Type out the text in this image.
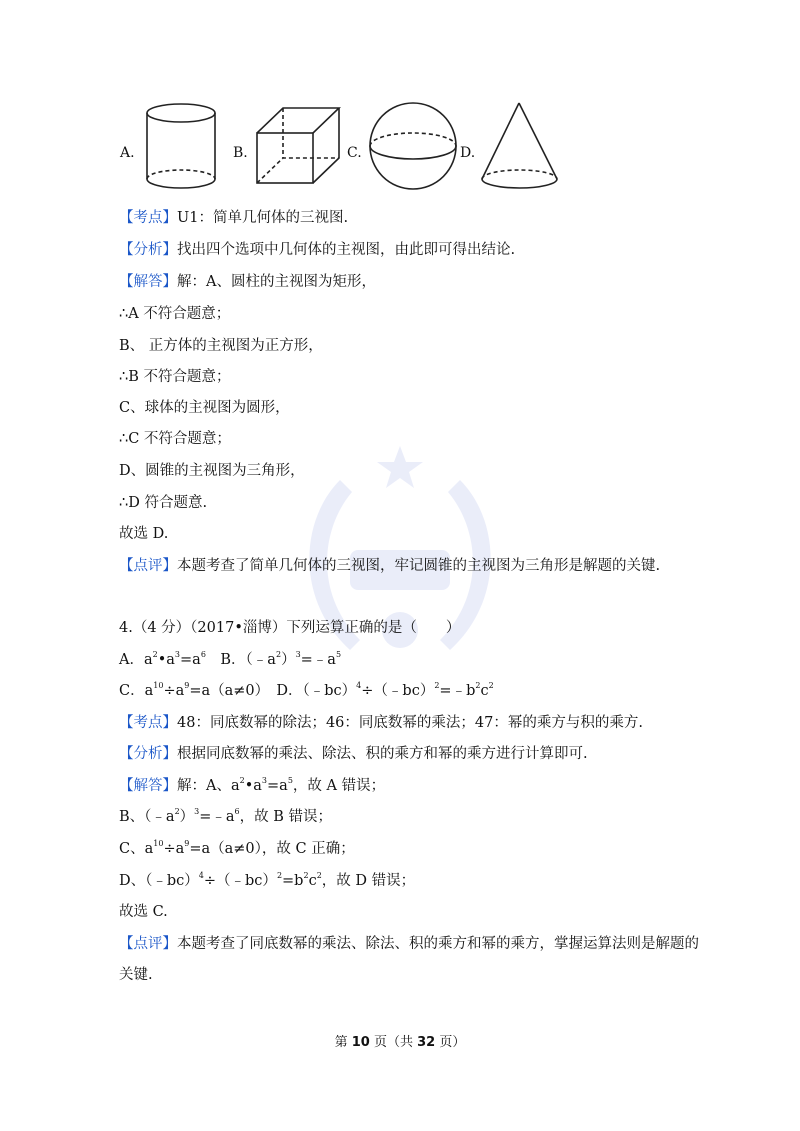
A.	B.	C.	D.
【考点】U1：简单几何体的三视图.
【分析】找出四个选项中几何体的主视图，由此即可得出结论.
【解答】解：A、圆柱的主视图为矩形，
∴A 不符合题意；
B、 正方体的主视图为正方形，
∴B 不符合题意；
C、球体的主视图为圆形，
∴C 不符合题意；
D、圆锥的主视图为三角形，
∴D 符合题意.
故选 D.
【点评】本题考查了简单几何体的三视图，牢记圆锥的主视图为三角形是解题的关键.
4.（4 分）（2017•淄博）下列运算正确的是（　　）
A．$a^2•a^3=a^6$　B．$(﹣a^2)^3=﹣a^5$
C．$a^{10}\div a^9=a(a\ne 0)$　D．$(﹣bc)^4\div(﹣bc)^2=﹣b^2c^2$
【考点】48：同底数幂的除法；46：同底数幂的乘法；47：幂的乘方与积的乘方.
【分析】根据同底数幂的乘法、除法、积的乘方和幂的乘方进行计算即可.
【解答】解：A、$a^2•a^3=a^5$，故 A 错误；
B、$(﹣a^2)^3=﹣a^6$，故 B 错误；
C、$a^{10}\div a^9=a(a\ne 0)$，故 C 正确；
D、$(﹣bc)^4\div(﹣bc)^2=b^2c^2$，故 D 错误；
故选 C.
【点评】本题考查了同底数幂的乘法、除法、积的乘方和幂的乘方，掌握运算法则是解题的
关键.
第 10 页（共 32 页）
